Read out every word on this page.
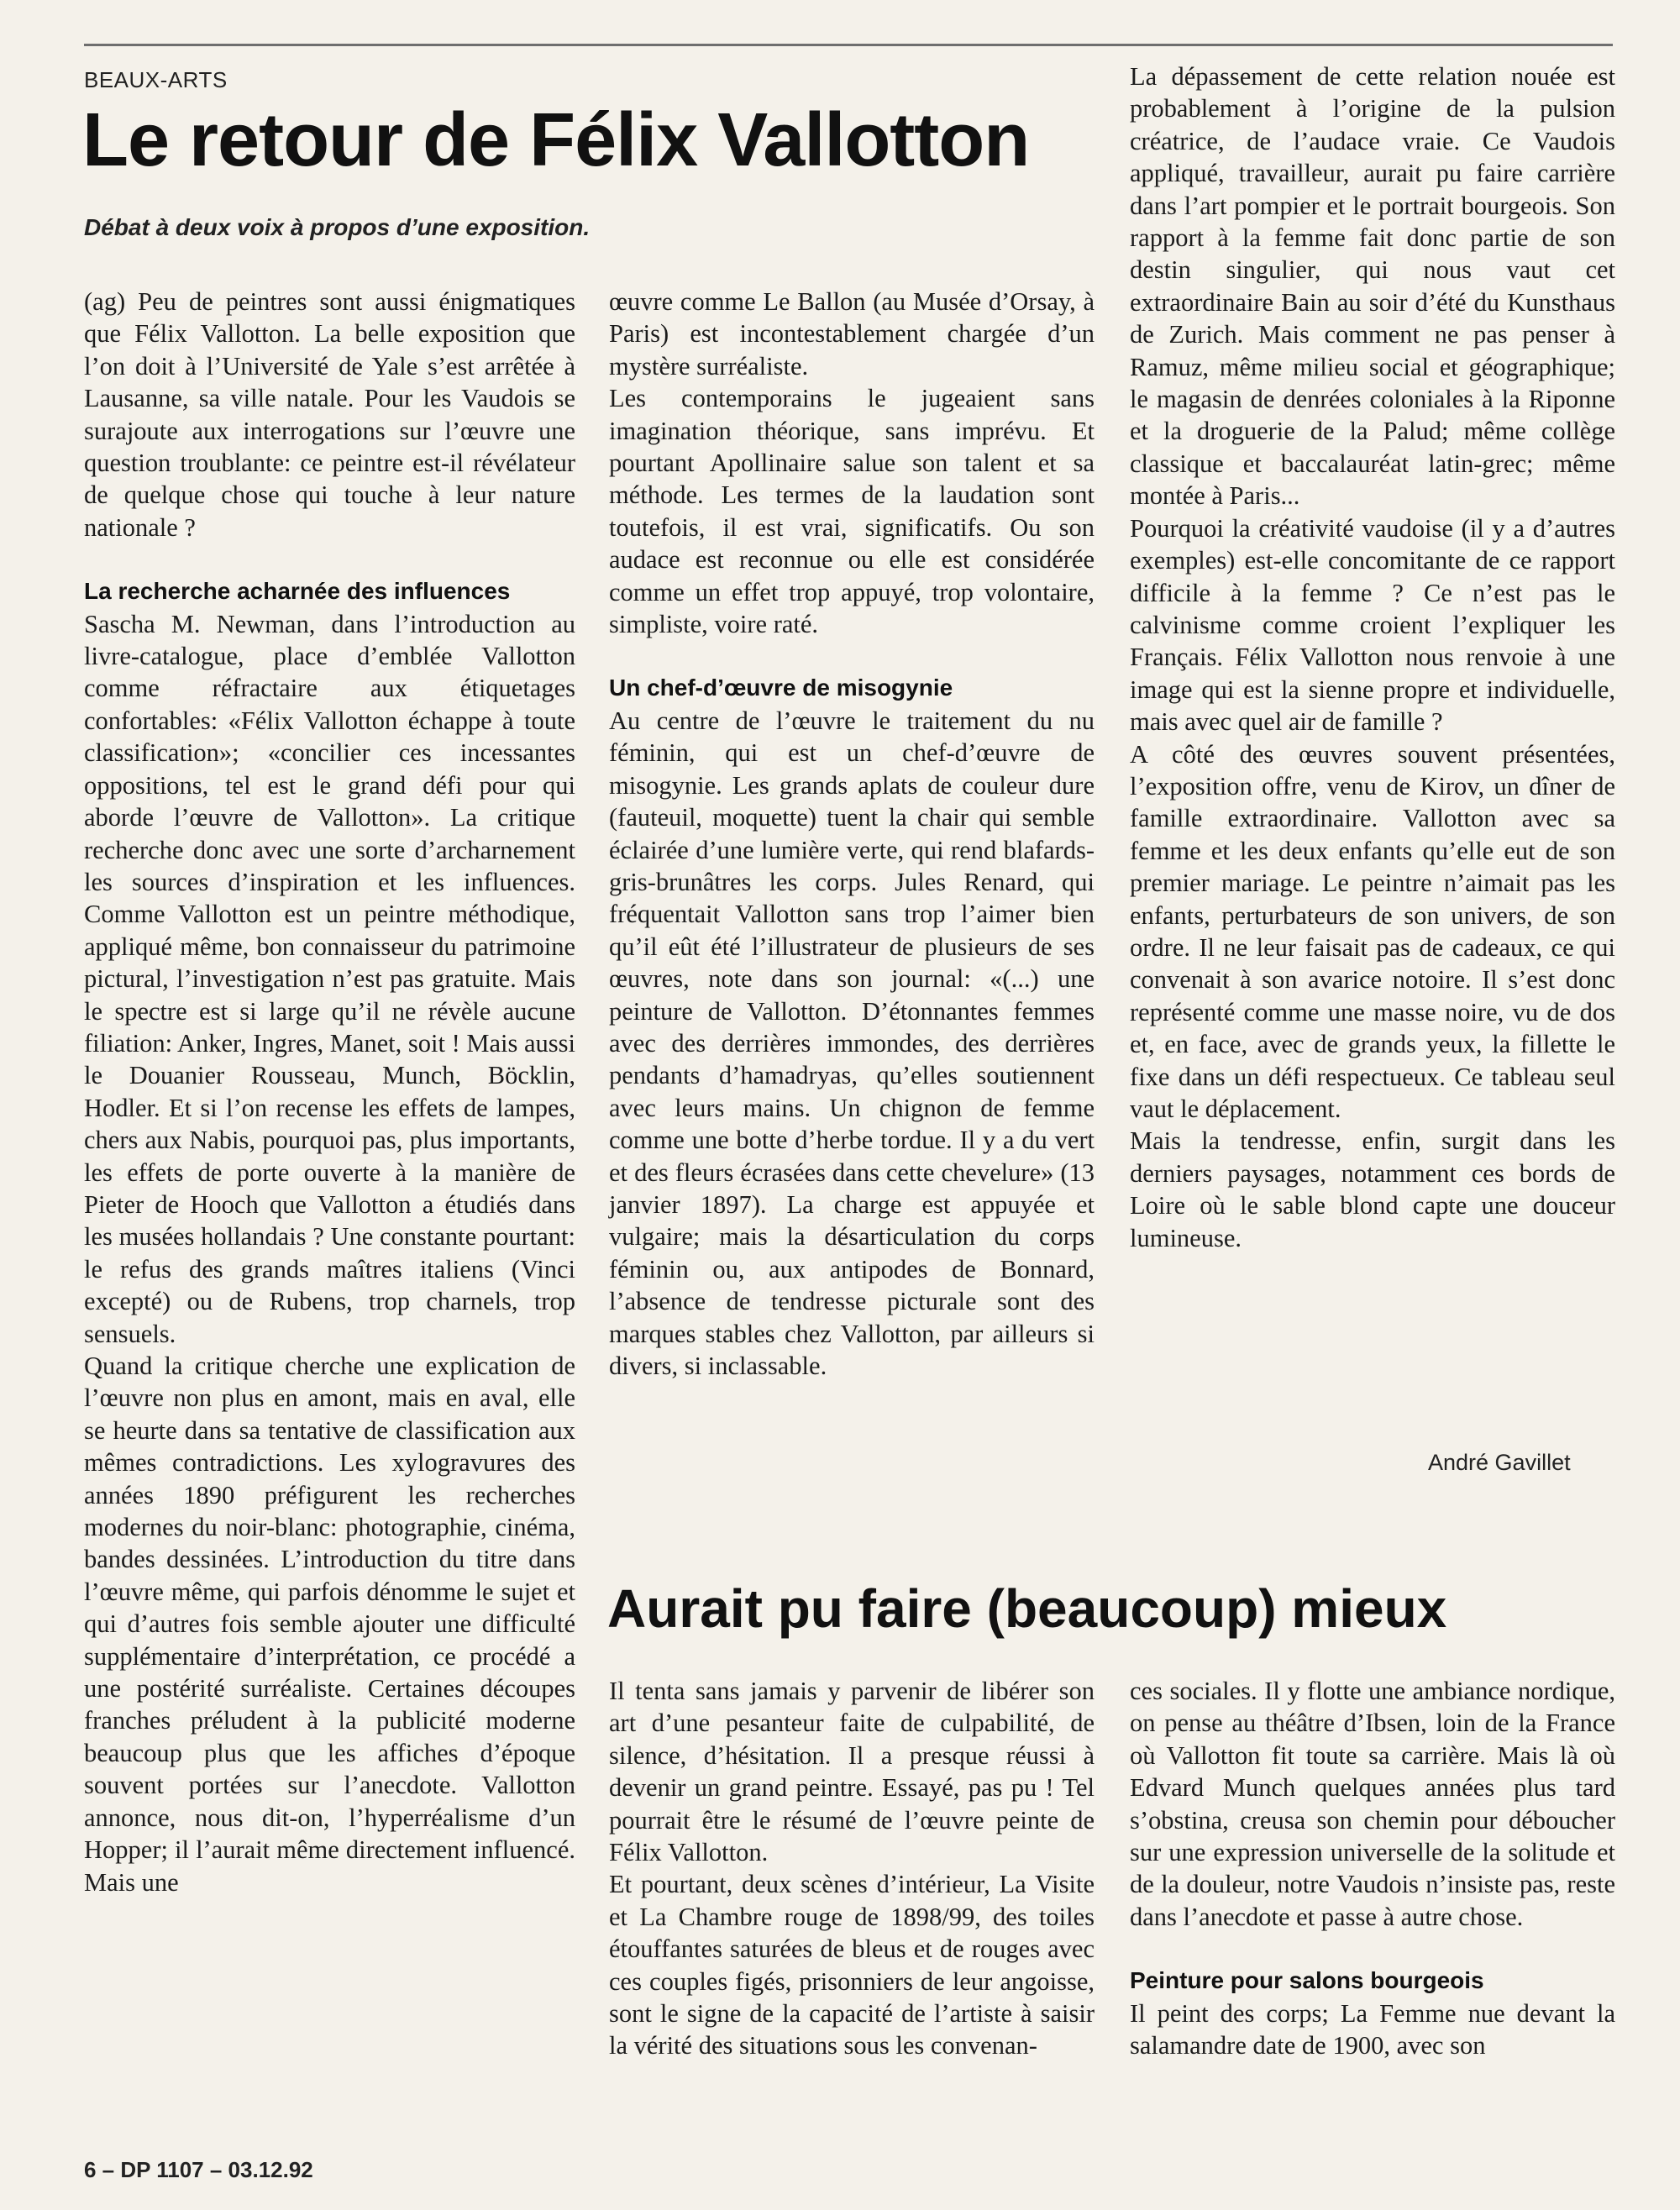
BEAUX-ARTS
Le retour de Félix Vallotton

Débat à deux voix à propos d’une exposition.

(ag) Peu de peintres sont aussi énigmatiques que Félix Vallotton. La belle exposition que l’on doit à l’Université de Yale s’est arrêtée à Lausanne, sa ville natale. Pour les Vaudois se surajoute aux interrogations sur l’œuvre une question troublante: ce peintre est-il révélateur de quelque chose qui touche à leur nature nationale ?

La recherche acharnée des influences

Sascha M. Newman, dans l’introduction au livre-catalogue, place d’emblée Vallotton comme réfractaire aux étiquetages confortables: «Félix Vallotton échappe à toute classification»; «concilier ces incessantes oppositions, tel est le grand défi pour qui aborde l’œuvre de Vallotton». La critique recherche donc avec une sorte d’archarnement les sources d’inspiration et les influences. Comme Vallotton est un peintre méthodique, appliqué même, bon connaisseur du patrimoine pictural, l’investigation n’est pas gratuite. Mais le spectre est si large qu’il ne révèle aucune filiation: Anker, Ingres, Manet, soit ! Mais aussi le Douanier Rousseau, Munch, Böcklin, Hodler. Et si l’on recense les effets de lampes, chers aux Nabis, pourquoi pas, plus importants, les effets de porte ouverte à la manière de Pieter de Hooch que Vallotton a étudiés dans les musées hollandais ? Une constante pourtant: le refus des grands maîtres italiens (Vinci excepté) ou de Rubens, trop charnels, trop sensuels.

Quand la critique cherche une explication de l’œuvre non plus en amont, mais en aval, elle se heurte dans sa tentative de classification aux mêmes contradictions. Les xylogravures des années 1890 préfigurent les recherches modernes du noir-blanc: photographie, cinéma, bandes dessinées. L’introduction du titre dans l’œuvre même, qui parfois dénomme le sujet et qui d’autres fois semble ajouter une difficulté supplémentaire d’interprétation, ce procédé a une postérité surréaliste. Certaines découpes franches préludent à la publicité moderne beaucoup plus que les affiches d’époque souvent portées sur l’anecdote. Vallotton annonce, nous dit-on, l’hyperréalisme d’un Hopper; il l’aurait même directement influencé. Mais une

œuvre comme Le Ballon (au Musée d’Orsay, à Paris) est incontestablement chargée d’un mystère surréaliste.

Les contemporains le jugeaient sans imagination théorique, sans imprévu. Et pourtant Apollinaire salue son talent et sa méthode. Les termes de la laudation sont toutefois, il est vrai, significatifs. Ou son audace est reconnue ou elle est considérée comme un effet trop appuyé, trop volontaire, simpliste, voire raté.

Un chef-d’œuvre de misogynie

Au centre de l’œuvre le traitement du nu féminin, qui est un chef-d’œuvre de misogynie. Les grands aplats de couleur dure (fauteuil, moquette) tuent la chair qui semble éclairée d’une lumière verte, qui rend blafards-gris-brunâtres les corps. Jules Renard, qui fréquentait Vallotton sans trop l’aimer bien qu’il eût été l’illustrateur de plusieurs de ses œuvres, note dans son journal: «(...) une peinture de Vallotton. D’étonnantes femmes avec des derrières immondes, des derrières pendants d’hamadryas, qu’elles soutiennent avec leurs mains. Un chignon de femme comme une botte d’herbe tordue. Il y a du vert et des fleurs écrasées dans cette chevelure» (13 janvier 1897). La charge est appuyée et vulgaire; mais la désarticulation du corps féminin ou, aux antipodes de Bonnard, l’absence de tendresse picturale sont des marques stables chez Vallotton, par ailleurs si divers, si inclassable.

La dépassement de cette relation nouée est probablement à l’origine de la pulsion créatrice, de l’audace vraie. Ce Vaudois appliqué, travailleur, aurait pu faire carrière dans l’art pompier et le portrait bourgeois. Son rapport à la femme fait donc partie de son destin singulier, qui nous vaut cet extraordinaire Bain au soir d’été du Kunsthaus de Zurich. Mais comment ne pas penser à Ramuz, même milieu social et géographique; le magasin de denrées coloniales à la Riponne et la droguerie de la Palud; même collège classique et baccalauréat latin-grec; même montée à Paris...

Pourquoi la créativité vaudoise (il y a d’autres exemples) est-elle concomitante de ce rapport difficile à la femme ? Ce n’est pas le calvinisme comme croient l’expliquer les Français. Félix Vallotton nous renvoie à une image qui est la sienne propre et individuelle, mais avec quel air de famille ?

A côté des œuvres souvent présentées, l’exposition offre, venu de Kirov, un dîner de famille extraordinaire. Vallotton avec sa femme et les deux enfants qu’elle eut de son premier mariage. Le peintre n’aimait pas les enfants, perturbateurs de son univers, de son ordre. Il ne leur faisait pas de cadeaux, ce qui convenait à son avarice notoire. Il s’est donc représenté comme une masse noire, vu de dos et, en face, avec de grands yeux, la fillette le fixe dans un défi respectueux. Ce tableau seul vaut le déplacement.

Mais la tendresse, enfin, surgit dans les derniers paysages, notamment ces bords de Loire où le sable blond capte une douceur lumineuse.

André Gavillet
Aurait pu faire (beaucoup) mieux

Il tenta sans jamais y parvenir de libérer son art d’une pesanteur faite de culpabilité, de silence, d’hésitation. Il a presque réussi à devenir un grand peintre. Essayé, pas pu ! Tel pourrait être le résumé de l’œuvre peinte de Félix Vallotton.

Et pourtant, deux scènes d’intérieur, La Visite et La Chambre rouge de 1898/99, des toiles étouffantes saturées de bleus et de rouges avec ces couples figés, prisonniers de leur angoisse, sont le signe de la capacité de l’artiste à saisir la vérité des situations sous les convenan-

ces sociales. Il y flotte une ambiance nordique, on pense au théâtre d’Ibsen, loin de la France où Vallotton fit toute sa carrière. Mais là où Edvard Munch quelques années plus tard s’obstina, creusa son chemin pour déboucher sur une expression universelle de la solitude et de la douleur, notre Vaudois n’insiste pas, reste dans l’anecdote et passe à autre chose.

Peinture pour salons bourgeois

Il peint des corps; La Femme nue devant la salamandre date de 1900, avec son

6 – DP 1107 – 03.12.92
